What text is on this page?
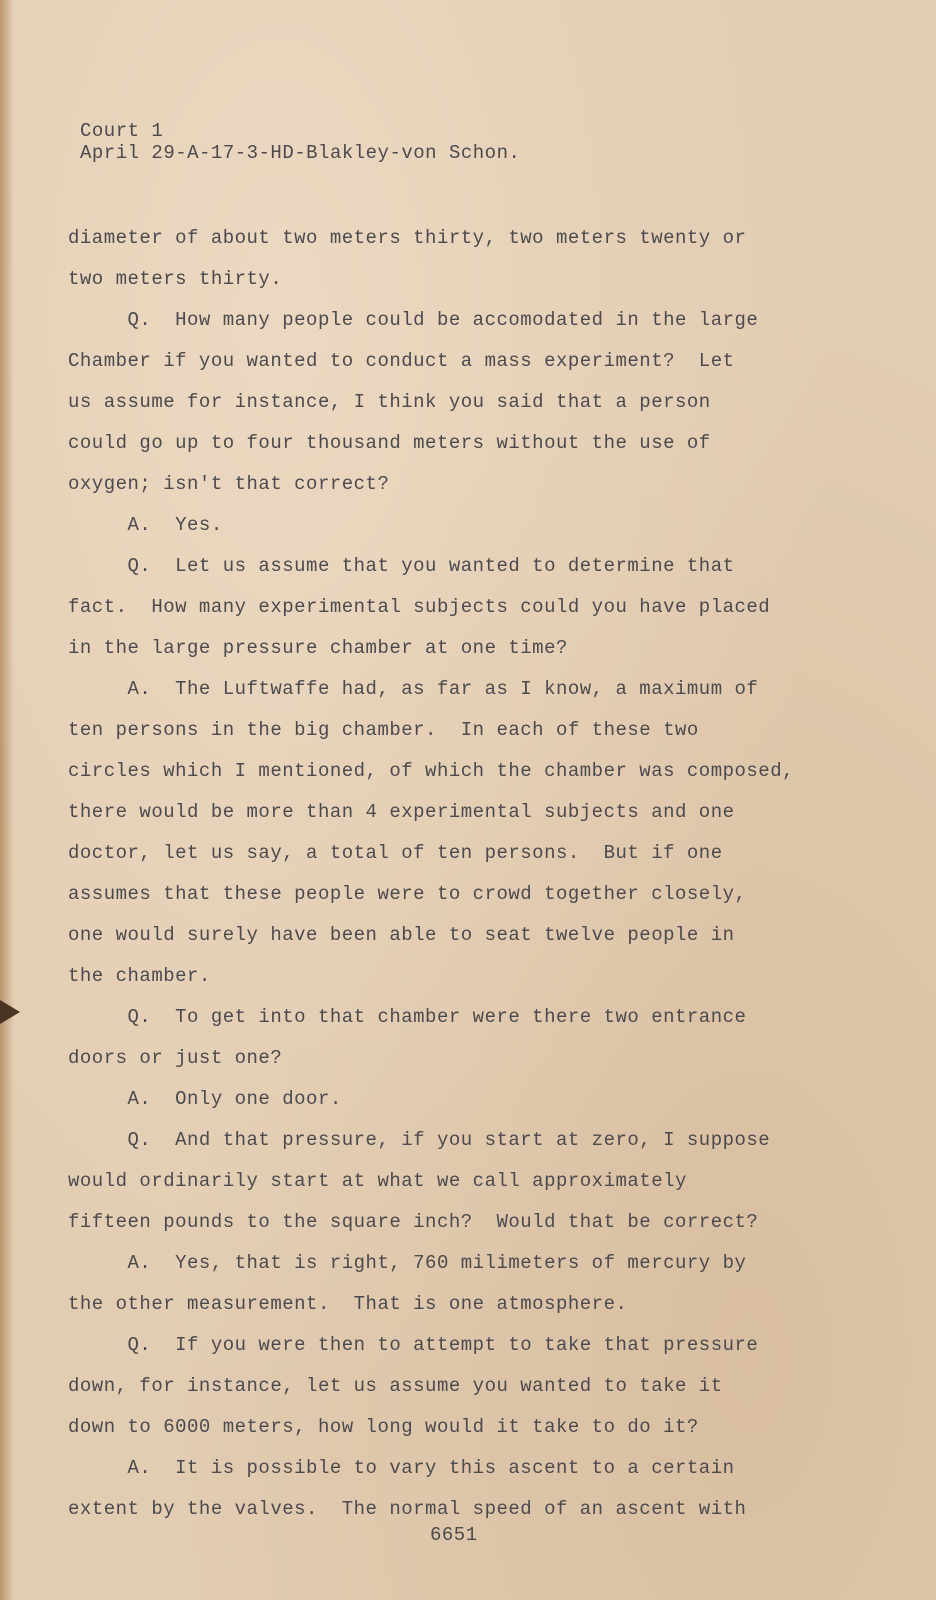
Court 1
April 29-A-17-3-HD-Blakley-von Schon.
diameter of about two meters thirty, two meters twenty or
two meters thirty.
Q.  How many people could be accomodated in the large
Chamber if you wanted to conduct a mass experiment?  Let
us assume for instance, I think you said that a person
could go up to four thousand meters without the use of
oxygen; isn't that correct?
A.  Yes.
Q.  Let us assume that you wanted to determine that
fact.  How many experimental subjects could you have placed
in the large pressure chamber at one time?
A.  The Luftwaffe had, as far as I know, a maximum of
ten persons in the big chamber.  In each of these two
circles which I mentioned, of which the chamber was composed,
there would be more than 4 experimental subjects and one
doctor, let us say, a total of ten persons.  But if one
assumes that these people were to crowd together closely,
one would surely have been able to seat twelve people in
the chamber.
Q.  To get into that chamber were there two entrance
doors or just one?
A.  Only one door.
Q.  And that pressure, if you start at zero, I suppose
would ordinarily start at what we call approximately
fifteen pounds to the square inch?  Would that be correct?
A.  Yes, that is right, 760 milimeters of mercury by
the other measurement.  That is one atmosphere.
Q.  If you were then to attempt to take that pressure
down, for instance, let us assume you wanted to take it
down to 6000 meters, how long would it take to do it?
A.  It is possible to vary this ascent to a certain
extent by the valves.  The normal speed of an ascent with
6651
